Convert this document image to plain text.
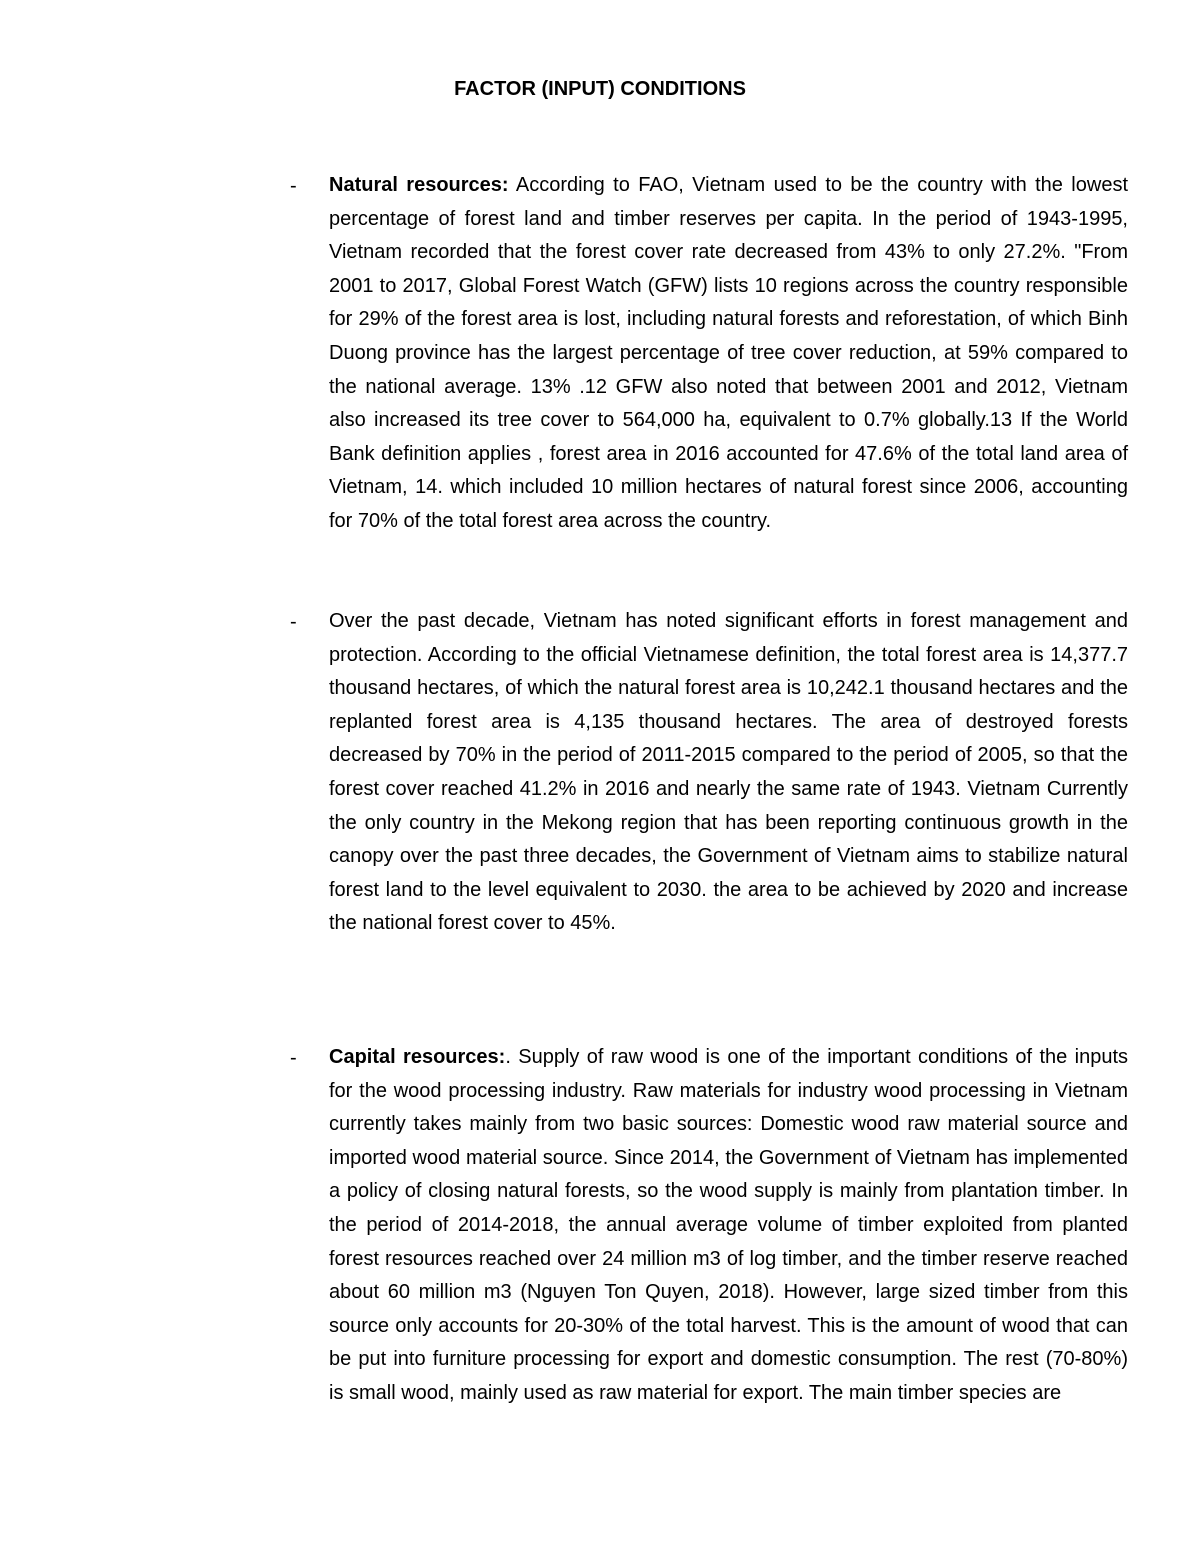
FACTOR (INPUT) CONDITIONS
- Natural resources: According to FAO, Vietnam used to be the country with the lowest percentage of forest land and timber reserves per capita. In the period of 1943-1995, Vietnam recorded that the forest cover rate decreased from 43% to only 27.2%. "From 2001 to 2017, Global Forest Watch (GFW) lists 10 regions across the country responsible for 29% of the forest area is lost, including natural forests and reforestation, of which Binh Duong province has the largest percentage of tree cover reduction, at 59% compared to the national average. 13% .12 GFW also noted that between 2001 and 2012, Vietnam also increased its tree cover to 564,000 ha, equivalent to 0.7% globally.13 If the World Bank definition applies , forest area in 2016 accounted for 47.6% of the total land area of Vietnam, 14. which included 10 million hectares of natural forest since 2006, accounting for 70% of the total forest area across the country.

- Over the past decade, Vietnam has noted significant efforts in forest management and protection. According to the official Vietnamese definition, the total forest area is 14,377.7 thousand hectares, of which the natural forest area is 10,242.1 thousand hectares and the replanted forest area is 4,135 thousand hectares. The area of destroyed forests decreased by 70% in the period of 2011-2015 compared to the period of 2005, so that the forest cover reached 41.2% in 2016 and nearly the same rate of 1943. Vietnam Currently the only country in the Mekong region that has been reporting continuous growth in the canopy over the past three decades, the Government of Vietnam aims to stabilize natural forest land to the level equivalent to 2030. the area to be achieved by 2020 and increase the national forest cover to 45%.

- Capital resources:. Supply of raw wood is one of the important conditions of the inputs for the wood processing industry. Raw materials for industry wood processing in Vietnam currently takes mainly from two basic sources: Domestic wood raw material source and imported wood material source. Since 2014, the Government of Vietnam has implemented a policy of closing natural forests, so the wood supply is mainly from plantation timber. In the period of 2014-2018, the annual average volume of timber exploited from planted forest resources reached over 24 million m3 of log timber, and the timber reserve reached about 60 million m3 (Nguyen Ton Quyen, 2018). However, large sized timber from this source only accounts for 20-30% of the total harvest. This is the amount of wood that can be put into furniture processing for export and domestic consumption. The rest (70-80%) is small wood, mainly used as raw material for export. The main timber species are
